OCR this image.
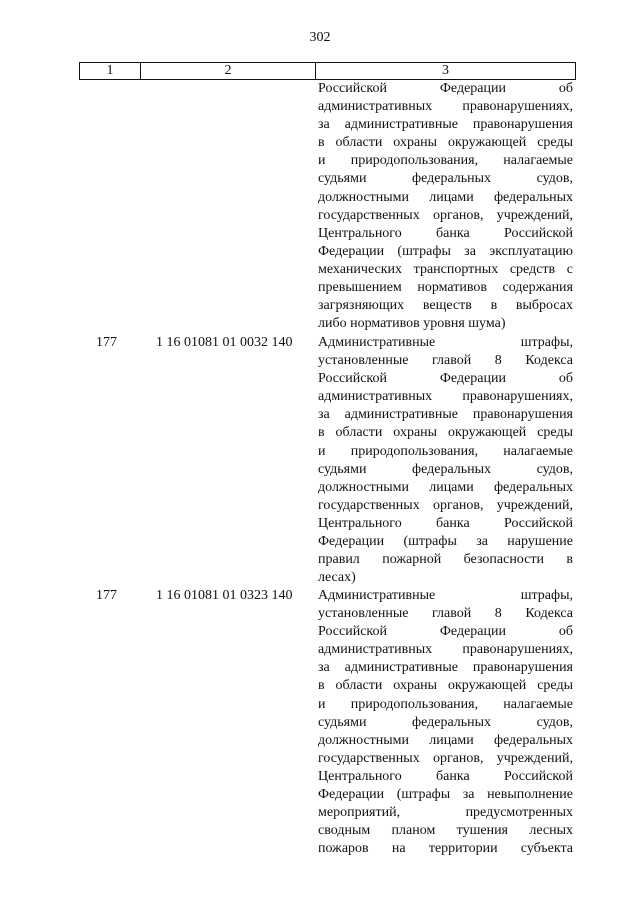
302
1	2	3
Российской Федерации об
административных правонарушениях,
за административные правонарушения
в области охраны окружающей среды
и природопользования, налагаемые
судьями федеральных судов,
должностными лицами федеральных
государственных органов, учреждений,
Центрального банка Российской
Федерации (штрафы за эксплуатацию
механических транспортных средств с
превышением нормативов содержания
загрязняющих веществ в выбросах
либо нормативов уровня шума)
177	1 16 01081 01 0032 140 Административные штрафы,
установленные главой 8 Кодекса
Российской Федерации об
административных правонарушениях,
за административные правонарушения
в области охраны окружающей среды
и природопользования, налагаемые
судьями федеральных судов,
должностными лицами федеральных
государственных органов, учреждений,
Центрального банка Российской
Федерации (штрафы за нарушение
правил пожарной безопасности в
лесах)
177	1 16 01081 01 0323 140 Административные штрафы,
установленные главой 8 Кодекса
Российской Федерации об
административных правонарушениях,
за административные правонарушения
в области охраны окружающей среды
и природопользования, налагаемые
судьями федеральных судов,
должностными лицами федеральных
государственных органов, учреждений,
Центрального банка Российской
Федерации (штрафы за невыполнение
мероприятий, предусмотренных
сводным планом тушения лесных
пожаров на территории субъекта
